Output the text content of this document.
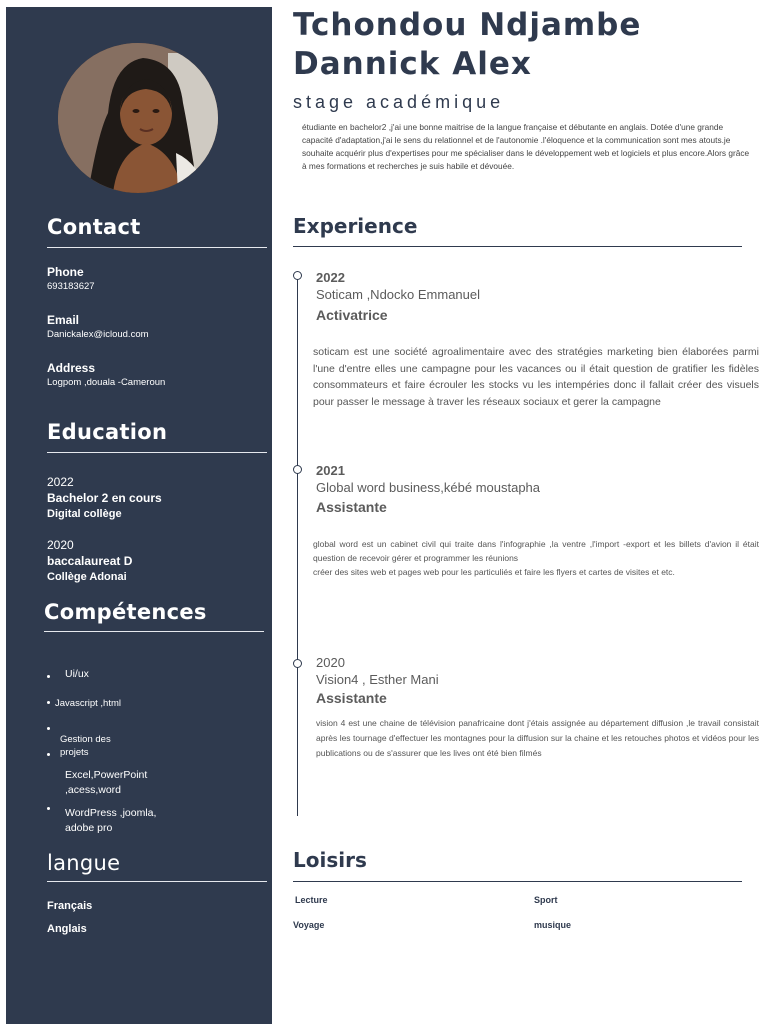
Contact
Phone
693183627
Email
Danickalex@icloud.com
Address
Logpom ,douala -Cameroun
Education
2022
Bachelor 2 en cours
Digital collège
2020
baccalaureat D
Collège Adonai
Compétences
Ui/ux
Javascript ,html
Gestion des projets
Excel,PowerPoint ,acess,word
WordPress ,joomla, adobe pro
langue
Français
Anglais
Tchondou Ndjambe
Dannick Alex
stage académique
étudiante en bachelor2 ,j'ai une bonne maitrise de la langue française et débutante en anglais. Dotée d'une grande capacité d'adaptation,j'ai le sens du relationnel et de l'autonomie .l'éloquence et la communication sont mes atouts.je souhaite acquérir plus d'expertises pour me spécialiser dans le développement web et logiciels et plus encore.Alors grâce à mes formations et recherches je suis habile et dévouée.
Experience
2022
Soticam ,Ndocko Emmanuel
Activatrice
soticam est une société agroalimentaire avec des stratégies marketing bien élaborées parmi l'une d'entre elles une campagne pour les vacances ou il était question de gratifier les fidèles consommateurs et faire écrouler les stocks vu les intempéries donc il fallait créer des visuels pour passer le message à traver les réseaux sociaux et gerer la campagne
2021
Global word business,kébé moustapha
Assistante
global word est un cabinet civil qui traite dans l'infographie ,la ventre ,l'import -export et les billets d'avion il était question de recevoir gérer et programmer les réunions
créer des sites web et pages web pour les particuliés et faire les flyers et cartes de visites et etc.
2020
Vision4 , Esther Mani
Assistante
vision 4 est une chaine de télévision panafricaine dont j'étais assignée au département diffusion ,le travail consistait après les tournage d'effectuer les montagnes pour la diffusion sur la chaine et les retouches photos et vidéos pour les publications ou de s'assurer que les lives ont été bien filmés
Loisirs
Lecture	Sport
Voyage	musique
